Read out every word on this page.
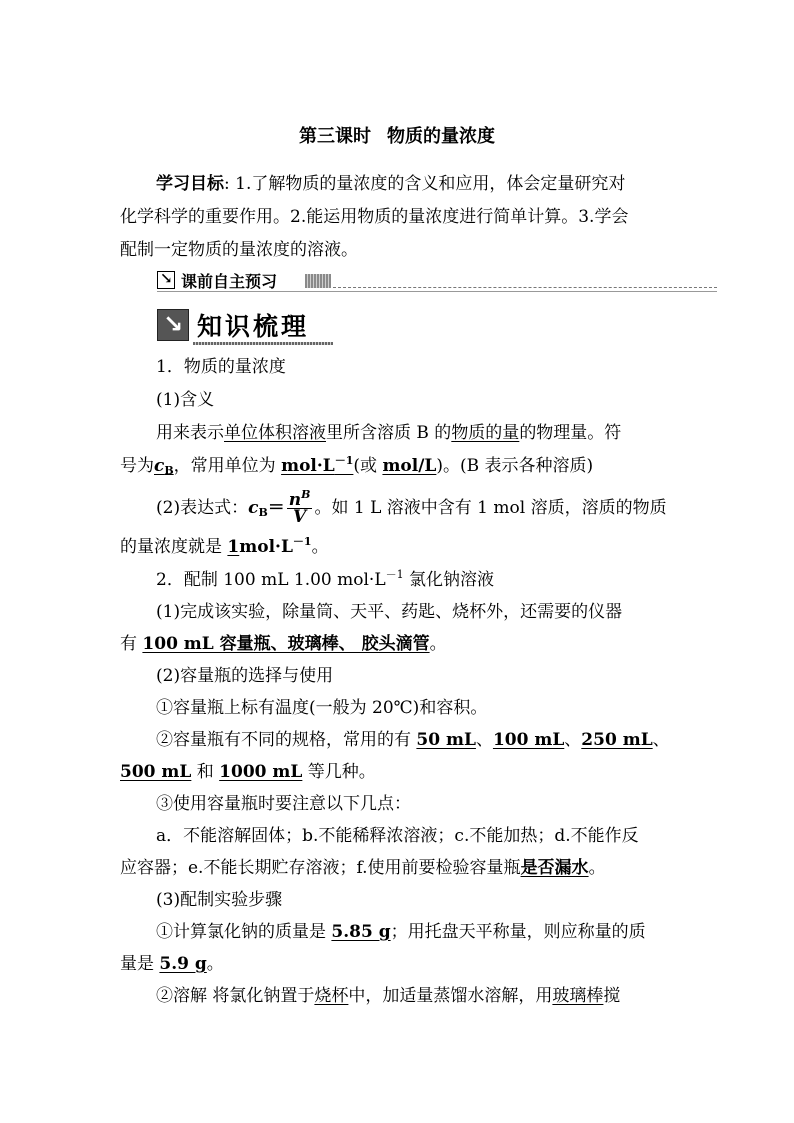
第三课时 物质的量浓度
学习目标: 1.了解物质的量浓度的含义和应用，体会定量研究对
化学科学的重要作用。2.能运用物质的量浓度进行简单计算。3.学会
配制一定物质的量浓度的溶液。
↘ 课前自主预习
↘ 知识梳理
1．物质的量浓度
(1)含义
用来表示单位体积溶液里所含溶质 B 的物质的量的物理量。符
号为$c_B$，常用单位为 $mol\cdot L^{-1}$(或 mol/L)。(B 表示各种溶质)
(2)表达式：$c_B= \frac{n^B}{V}$ 。如 1 L 溶液中含有 1 mol 溶质，溶质的物质
的量浓度就是 $1mol\cdot L^{-1}$。
2．配制 100 mL 1.00 $mol\cdot L^{-1}$ 氯化钠溶液
(1)完成该实验，除量筒、天平、药匙、烧杯外，还需要的仪器
有 100 mL 容量瓶、玻璃棒、 胶头滴管。
(2)容量瓶的选择与使用
①容量瓶上标有温度(一般为 20℃)和容积。
②容量瓶有不同的规格，常用的有 50 mL、100 mL、250 mL、
500 mL 和 1000 mL 等几种。
③使用容量瓶时要注意以下几点：
a．不能溶解固体；b.不能稀释浓溶液；c.不能加热；d.不能作反
应容器；e.不能长期贮存溶液；f.使用前要检验容量瓶是否漏水。
(3)配制实验步骤
①计算氯化钠的质量是 5.85 g；用托盘天平称量，则应称量的质
量是 5.9 g。
②溶解 将氯化钠置于烧杯中，加适量蒸馏水溶解，用玻璃棒搅
